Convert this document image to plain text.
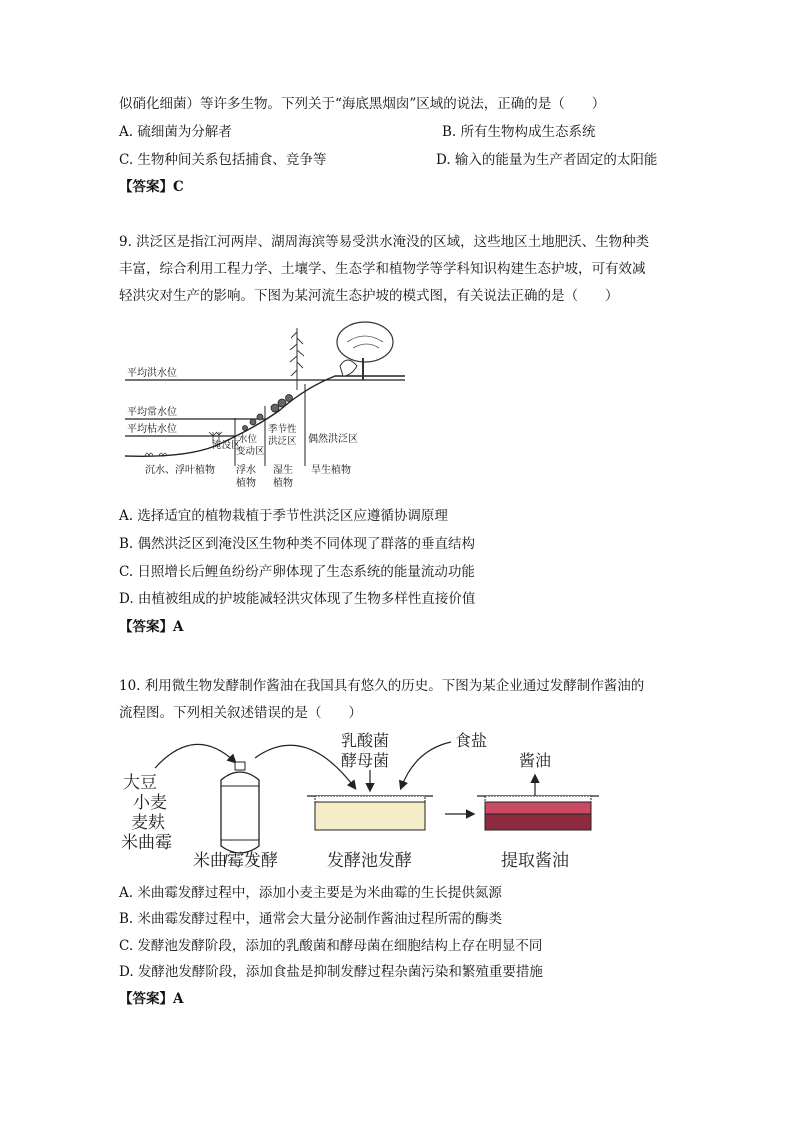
似硝化细菌）等许多生物。下列关于“海底黑烟囱”区域的说法，正确的是（　　）
A. 硫细菌为分解者	B. 所有生物构成生态系统
C. 生物种间关系包括捕食、竞争等	D. 输入的能量为生产者固定的太阳能
【答案】C
9. 洪泛区是指江河两岸、湖周海滨等易受洪水淹没的区域，这些地区土地肥沃、生物种类
丰富，综合利用工程力学、土壤学、生态学和植物学等学科知识构建生态护坡，可有效减
轻洪灾对生产的影响。下图为某河流生态护坡的模式图，有关说法正确的是（　　）
平均洪水位
平均常水位
平均枯水位
淹没区
水位
变动区
季节性
洪泛区 偶然洪泛区
沉水、浮叶植物 浮水
植物
湿生
植物
旱生植物
A. 选择适宜的植物栽植于季节性洪泛区应遵循协调原理
B. 偶然洪泛区到淹没区生物种类不同体现了群落的垂直结构
C. 日照增长后鲤鱼纷纷产卵体现了生态系统的能量流动功能
D. 由植被组成的护坡能减轻洪灾体现了生物多样性直接价值
【答案】A
10. 利用微生物发酵制作酱油在我国具有悠久的历史。下图为某企业通过发酵制作酱油的
流程图。下列相关叙述错误的是（　　）
大豆
小麦
麦麸
米曲霉
乳酸菌
酵母菌
食盐
酱油
米曲霉发酵	发酵池发酵	提取酱油
A. 米曲霉发酵过程中，添加小麦主要是为米曲霉的生长提供氮源
B. 米曲霉发酵过程中，通常会大量分泌制作酱油过程所需的酶类
C. 发酵池发酵阶段，添加的乳酸菌和酵母菌在细胞结构上存在明显不同
D. 发酵池发酵阶段，添加食盐是抑制发酵过程杂菌污染和繁殖重要措施
【答案】A
